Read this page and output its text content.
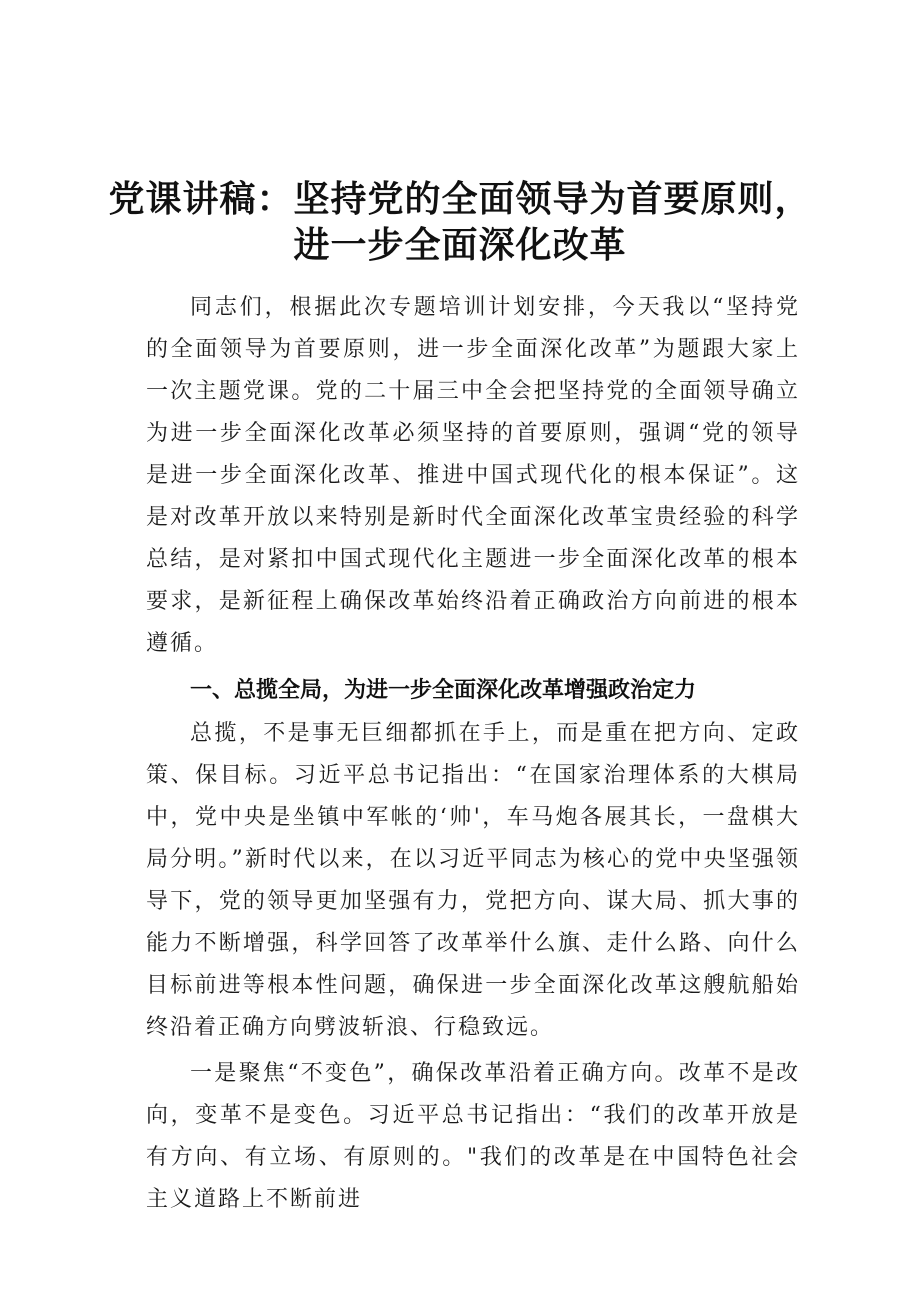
党课讲稿：坚持党的全面领导为首要原则，
进一步全面深化改革

同志们，根据此次专题培训计划安排，今天我以“坚持党的全面领导为首要原则，进一步全面深化改革”为题跟大家上一次主题党课。党的二十届三中全会把坚持党的全面领导确立为进一步全面深化改革必须坚持的首要原则，强调“党的领导是进一步全面深化改革、推进中国式现代化的根本保证”。这是对改革开放以来特别是新时代全面深化改革宝贵经验的科学总结，是对紧扣中国式现代化主题进一步全面深化改革的根本要求，是新征程上确保改革始终沿着正确政治方向前进的根本遵循。

一、总揽全局，为进一步全面深化改革增强政治定力

总揽，不是事无巨细都抓在手上，而是重在把方向、定政策、保目标。习近平总书记指出：“在国家治理体系的大棋局中，党中央是坐镇中军帐的‘帅'，车马炮各展其长，一盘棋大局分明。”新时代以来，在以习近平同志为核心的党中央坚强领导下，党的领导更加坚强有力，党把方向、谋大局、抓大事的能力不断增强，科学回答了改革举什么旗、走什么路、向什么目标前进等根本性问题，确保进一步全面深化改革这艘航船始终沿着正确方向劈波斩浪、行稳致远。

一是聚焦“不变色”，确保改革沿着正确方向。改革不是改向，变革不是变色。习近平总书记指出：“我们的改革开放是有方向、有立场、有原则的。"我们的改革是在中国特色社会主义道路上不断前进
